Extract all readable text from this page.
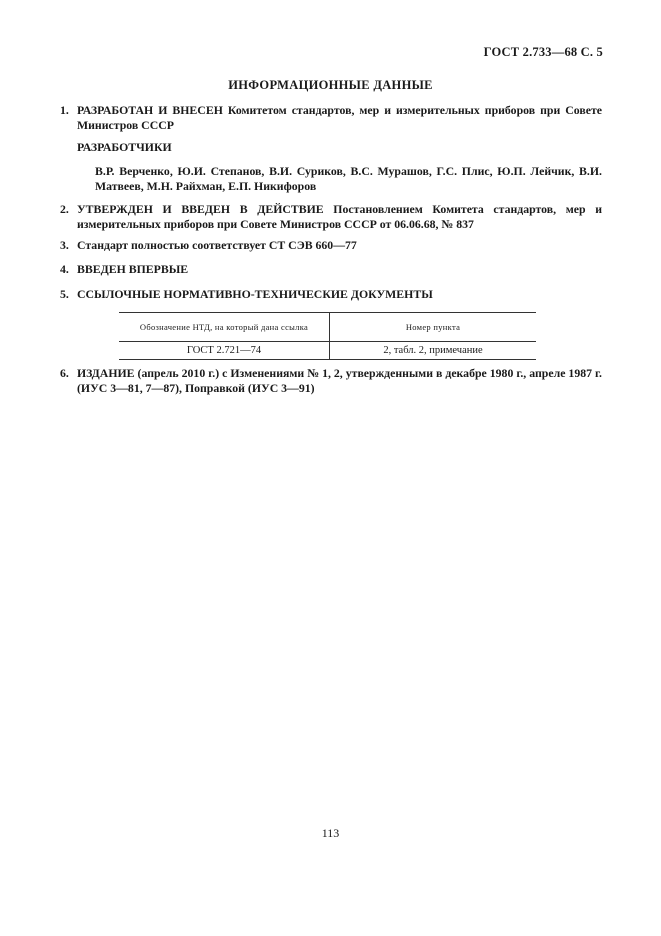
ГОСТ 2.733—68 С. 5
ИНФОРМАЦИОННЫЕ ДАННЫЕ
1. РАЗРАБОТАН И ВНЕСЕН Комитетом стандартов, мер и измерительных приборов при Совете Министров СССР
РАЗРАБОТЧИКИ
В.Р. Верченко, Ю.И. Степанов, В.И. Суриков, В.С. Мурашов, Г.С. Плис, Ю.П. Лейчик, В.И. Матвеев, М.Н. Райхман, Е.П. Никифоров
2. УТВЕРЖДЕН И ВВЕДЕН В ДЕЙСТВИЕ Постановлением Комитета стандартов, мер и измерительных приборов при Совете Министров СССР от 06.06.68, № 837
3. Стандарт полностью соответствует СТ СЭВ 660—77
4. ВВЕДЕН ВПЕРВЫЕ
5. ССЫЛОЧНЫЕ НОРМАТИВНО-ТЕХНИЧЕСКИЕ ДОКУМЕНТЫ
Обозначение НТД, на который дана ссылка	Номер пункта
ГОСТ 2.721—74	2, табл. 2, примечание
6. ИЗДАНИЕ (апрель 2010 г.) с Изменениями № 1, 2, утвержденными в декабре 1980 г., апреле 1987 г. (ИУС 3—81, 7—87), Поправкой (ИУС 3—91)
113
